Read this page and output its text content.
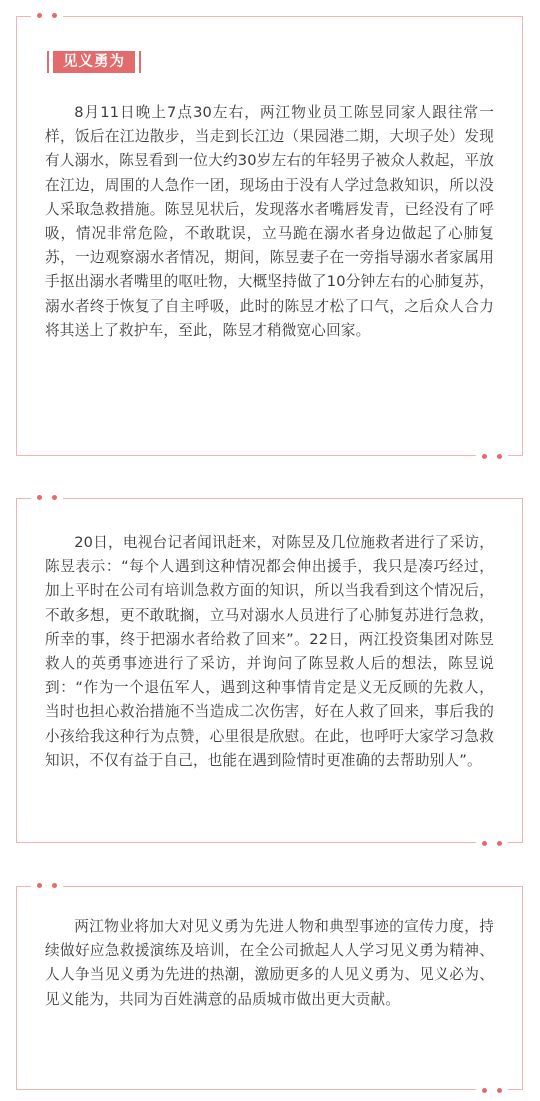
见义勇为

8月11日晚上7点30左右，两江物业员工陈昱同家人跟往常一样，饭后在江边散步，当走到长江边（果园港二期，大坝子处）发现有人溺水，陈昱看到一位大约30岁左右的年轻男子被众人救起，平放在江边，周围的人急作一团，现场由于没有人学过急救知识，所以没人采取急救措施。陈昱见状后，发现落水者嘴唇发青，已经没有了呼吸，情况非常危险，不敢耽误，立马跪在溺水者身边做起了心肺复苏，一边观察溺水者情况，期间，陈昱妻子在一旁指导溺水者家属用手抠出溺水者嘴里的呕吐物，大概坚持做了10分钟左右的心肺复苏，溺水者终于恢复了自主呼吸，此时的陈昱才松了口气，之后众人合力将其送上了救护车，至此，陈昱才稍微宽心回家。

20日，电视台记者闻讯赶来，对陈昱及几位施救者进行了采访，陈昱表示：“每个人遇到这种情况都会伸出援手，我只是凑巧经过，加上平时在公司有培训急救方面的知识，所以当我看到这个情况后，不敢多想，更不敢耽搁，立马对溺水人员进行了心肺复苏进行急救，所幸的事，终于把溺水者给救了回来”。22日，两江投资集团对陈昱救人的英勇事迹进行了采访，并询问了陈昱救人后的想法，陈昱说到：“作为一个退伍军人，遇到这种事情肯定是义无反顾的先救人，当时也担心救治措施不当造成二次伤害，好在人救了回来，事后我的小孩给我这种行为点赞，心里很是欣慰。在此，也呼吁大家学习急救知识，不仅有益于自己，也能在遇到险情时更准确的去帮助别人”。

两江物业将加大对见义勇为先进人物和典型事迹的宣传力度，持续做好应急救援演练及培训，在全公司掀起人人学习见义勇为精神、人人争当见义勇为先进的热潮，激励更多的人见义勇为、见义必为、见义能为，共同为百姓满意的品质城市做出更大贡献。
